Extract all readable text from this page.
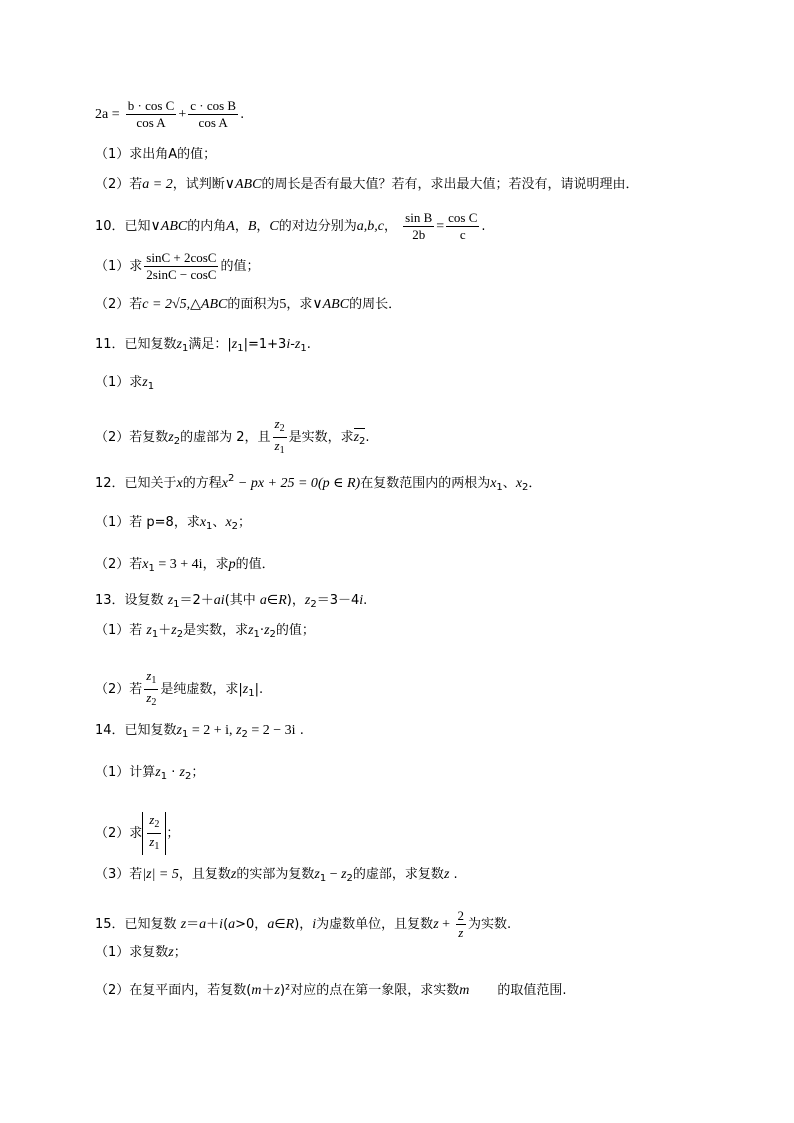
$2a = \frac{\text{b · cos C}}{\text{cos A}} + \frac{\text{c · cos B}}{\text{cos A}}$ .
（1）求出角A的值；
（2）若a = 2，试判断∨ABC的周长是否有最大值？若有，求出最大值；若没有，请说明理由．
10．已知∨ABC的内角A，B，C的对边分别为a,b,c， $\frac{\text{sin B}}{2b} = \frac{\text{cos C}}{c}$ .
（1）求 $\frac{\sin C + 2\cos C}{2\sin C - \cos C}$ 的值；
（2）若c = 2√5,△ABC的面积为5，求∨ABC的周长．
11．已知复数$z_1$满足：$|z_1|=1+3i-z_1$.
（1）求$z_1$
（2）若复数$z_2$的虚部为 2，且 $\frac{z_2}{z_1}$ 是实数，求$z_2$.
12．已知关于x的方程$x^2$ − px + 25 = 0(p ∈ R)在复数范围内的两根为$x_1$、$x_2$．
（1）若 p=8，求$x_1$、$x_2$；
（2）若$x_1 = 3 + 4i$，求p的值．
13．设复数 $z_1=2+ai$(其中 a∈R)，$z_2=3-4i$.
（1）若 $z_1+z_2$是实数，求$z_1\cdot z_2$的值；
（2）若 $\frac{z_1}{z_2}$ 是纯虚数，求$|z_1|$.
14．已知复数$z_1 = 2 + i$, $z_2 = 2 - 3i$ .
（1）计算$z_1 \cdot z_2$；
（2）求 $\frac{z_2}{z_1}$ ；
（3）若|z| = 5，且复数z的实部为复数$z_1 - z_2$的虚部，求复数z .
15．已知复数 z＝a＋i(a>0，a∈R)，i为虚数单位，且复数$z + \frac{2}{z}$ 为实数.
（1）求复数z；
（2）在复平面内，若复数(m＋z)²对应的点在第一象限，求实数m 的取值范围.
